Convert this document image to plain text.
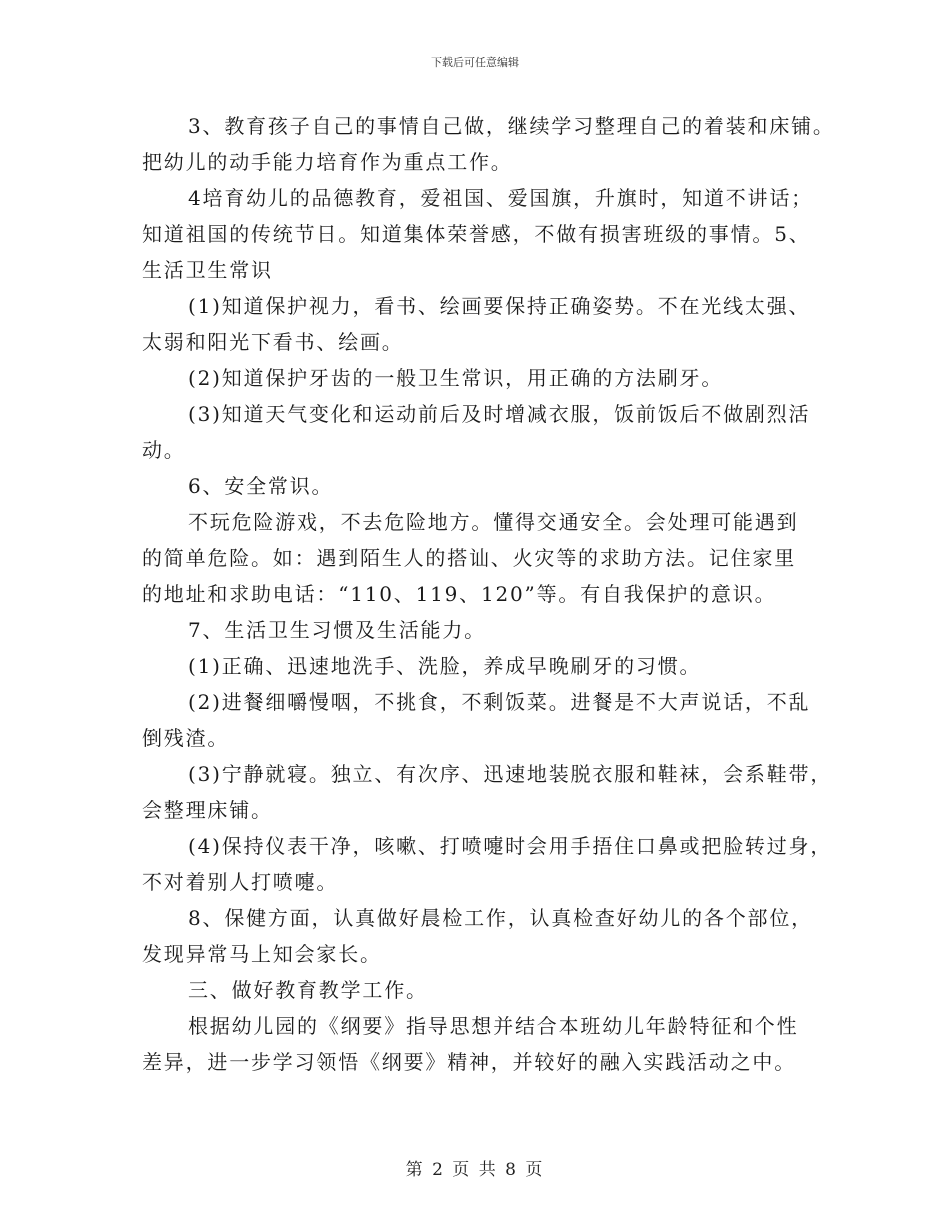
下载后可任意编辑

3、教育孩子自己的事情自己做，继续学习整理自己的着装和床铺。

把幼儿的动手能力培育作为重点工作。

4培育幼儿的品德教育，爱祖国、爱国旗，升旗时，知道不讲话；

知道祖国的传统节日。知道集体荣誉感，不做有损害班级的事情。5、

生活卫生常识

(1)知道保护视力，看书、绘画要保持正确姿势。不在光线太强、

太弱和阳光下看书、绘画。

(2)知道保护牙齿的一般卫生常识，用正确的方法刷牙。

(3)知道天气变化和运动前后及时增减衣服，饭前饭后不做剧烈活

动。

6、安全常识。

不玩危险游戏，不去危险地方。懂得交通安全。会处理可能遇到

的简单危险。如：遇到陌生人的搭讪、火灾等的求助方法。记住家里

的地址和求助电话：“110、119、120”等。有自我保护的意识。

7、生活卫生习惯及生活能力。

(1)正确、迅速地洗手、洗脸，养成早晚刷牙的习惯。

(2)进餐细嚼慢咽，不挑食，不剩饭菜。进餐是不大声说话，不乱

倒残渣。

(3)宁静就寝。独立、有次序、迅速地装脱衣服和鞋袜，会系鞋带，

会整理床铺。

(4)保持仪表干净，咳嗽、打喷嚏时会用手捂住口鼻或把脸转过身，

不对着别人打喷嚏。

8、保健方面，认真做好晨检工作，认真检查好幼儿的各个部位，

发现异常马上知会家长。

三、做好教育教学工作。

根据幼儿园的《纲要》指导思想并结合本班幼儿年龄特征和个性

差异，进一步学习领悟《纲要》精神，并较好的融入实践活动之中。

第 2 页 共 8 页
